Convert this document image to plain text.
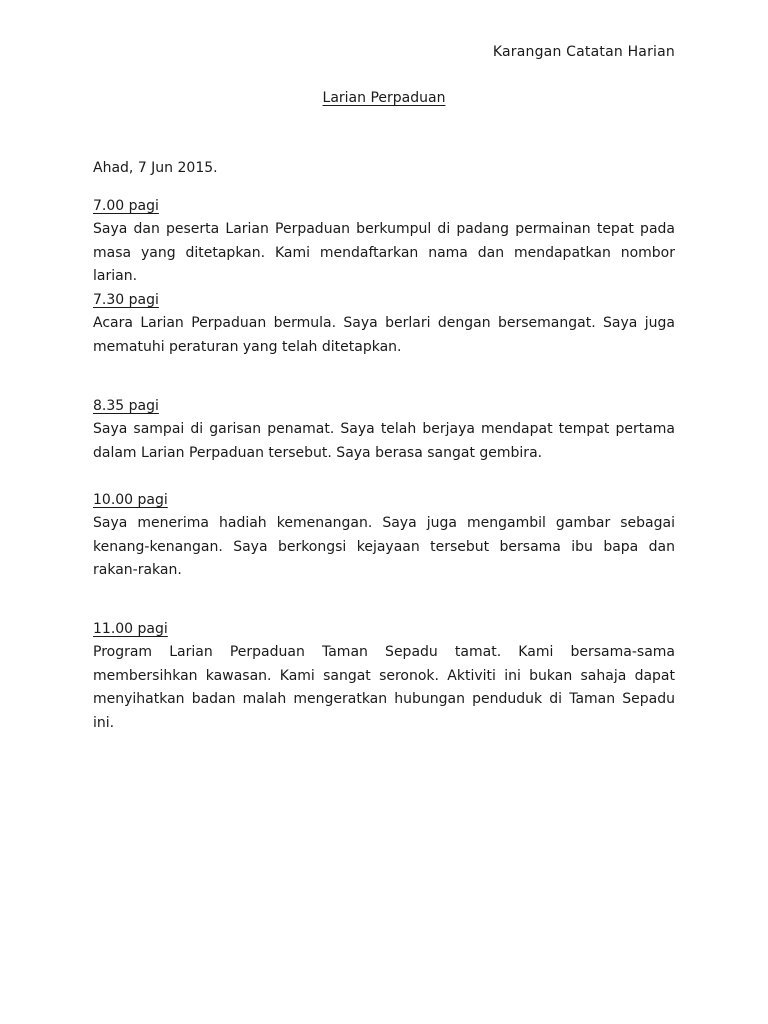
Karangan Catatan Harian
Larian Perpaduan
Ahad, 7 Jun 2015.
7.00 pagi

Saya dan peserta Larian Perpaduan berkumpul di padang permainan tepat pada masa yang ditetapkan. Kami mendaftarkan nama dan mendapatkan nombor larian.

7.30 pagi

Acara Larian Perpaduan bermula. Saya berlari dengan bersemangat. Saya juga mematuhi peraturan yang telah ditetapkan.

8.35 pagi

Saya sampai di garisan penamat. Saya telah berjaya mendapat tempat pertama dalam Larian Perpaduan tersebut. Saya berasa sangat gembira.

10.00 pagi

Saya menerima hadiah kemenangan. Saya juga mengambil gambar sebagai kenang-kenangan. Saya berkongsi kejayaan tersebut bersama ibu bapa dan rakan-rakan.

11.00 pagi

Program Larian Perpaduan Taman Sepadu tamat. Kami bersama-sama membersihkan kawasan. Kami sangat seronok. Aktiviti ini bukan sahaja dapat menyihatkan badan malah mengeratkan hubungan penduduk di Taman Sepadu ini.
